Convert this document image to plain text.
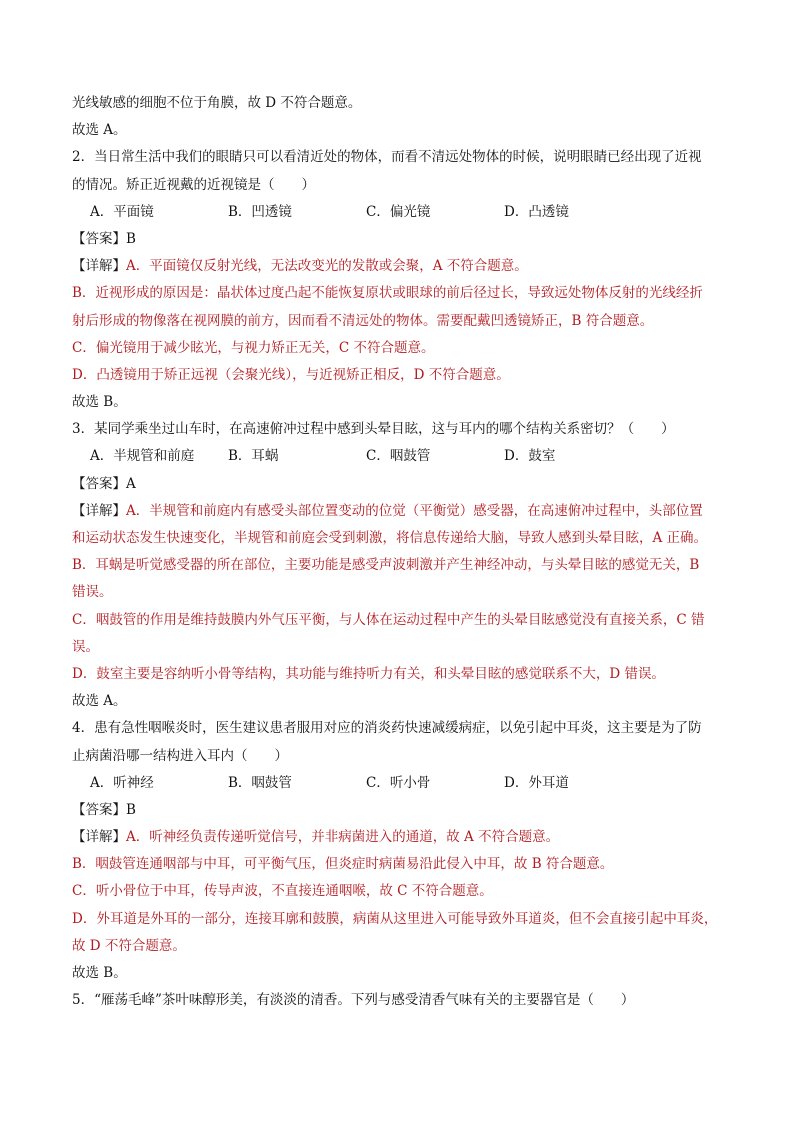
光线敏感的细胞不位于角膜，故 D 不符合题意。
故选 A。
2．当日常生活中我们的眼睛只可以看清近处的物体，而看不清远处物体的时候，说明眼睛已经出现了近视
的情况。矫正近视戴的近视镜是（　　）
A．平面镜	B．凹透镜	C．偏光镜	D．凸透镜
【答案】B
【详解】A．平面镜仅反射光线，无法改变光的发散或会聚，A 不符合题意。
B．近视形成的原因是：晶状体过度凸起不能恢复原状或眼球的前后径过长，导致远处物体反射的光线经折
射后形成的物像落在视网膜的前方，因而看不清远处的物体。需要配戴凹透镜矫正，B 符合题意。
C．偏光镜用于减少眩光，与视力矫正无关，C 不符合题意。
D．凸透镜用于矫正远视（会聚光线），与近视矫正相反，D 不符合题意。
故选 B。
3．某同学乘坐过山车时，在高速俯冲过程中感到头晕目眩，这与耳内的哪个结构关系密切？（　　）
A．半规管和前庭	B．耳蜗	C．咽鼓管	D．鼓室
【答案】A
【详解】A．半规管和前庭内有感受头部位置变动的位觉（平衡觉）感受器，在高速俯冲过程中，头部位置
和运动状态发生快速变化，半规管和前庭会受到刺激，将信息传递给大脑，导致人感到头晕目眩，A 正确。
B．耳蜗是听觉感受器的所在部位，主要功能是感受声波刺激并产生神经冲动，与头晕目眩的感觉无关，B
错误。
C．咽鼓管的作用是维持鼓膜内外气压平衡，与人体在运动过程中产生的头晕目眩感觉没有直接关系，C 错
误。
D．鼓室主要是容纳听小骨等结构，其功能与维持听力有关，和头晕目眩的感觉联系不大，D 错误。
故选 A。
4．患有急性咽喉炎时，医生建议患者服用对应的消炎药快速减缓病症，以免引起中耳炎，这主要是为了防
止病菌沿哪一结构进入耳内（　　）
A．听神经	B．咽鼓管	C．听小骨	D．外耳道
【答案】B
【详解】A．听神经负责传递听觉信号，并非病菌进入的通道，故 A 不符合题意。
B．咽鼓管连通咽部与中耳，可平衡气压，但炎症时病菌易沿此侵入中耳，故 B 符合题意。
C．听小骨位于中耳，传导声波，不直接连通咽喉，故 C 不符合题意。
D．外耳道是外耳的一部分，连接耳廓和鼓膜，病菌从这里进入可能导致外耳道炎，但不会直接引起中耳炎，
故 D 不符合题意。
故选 B。
5．“雁荡毛峰”茶叶味醇形美，有淡淡的清香。下列与感受清香气味有关的主要器官是（　　）
